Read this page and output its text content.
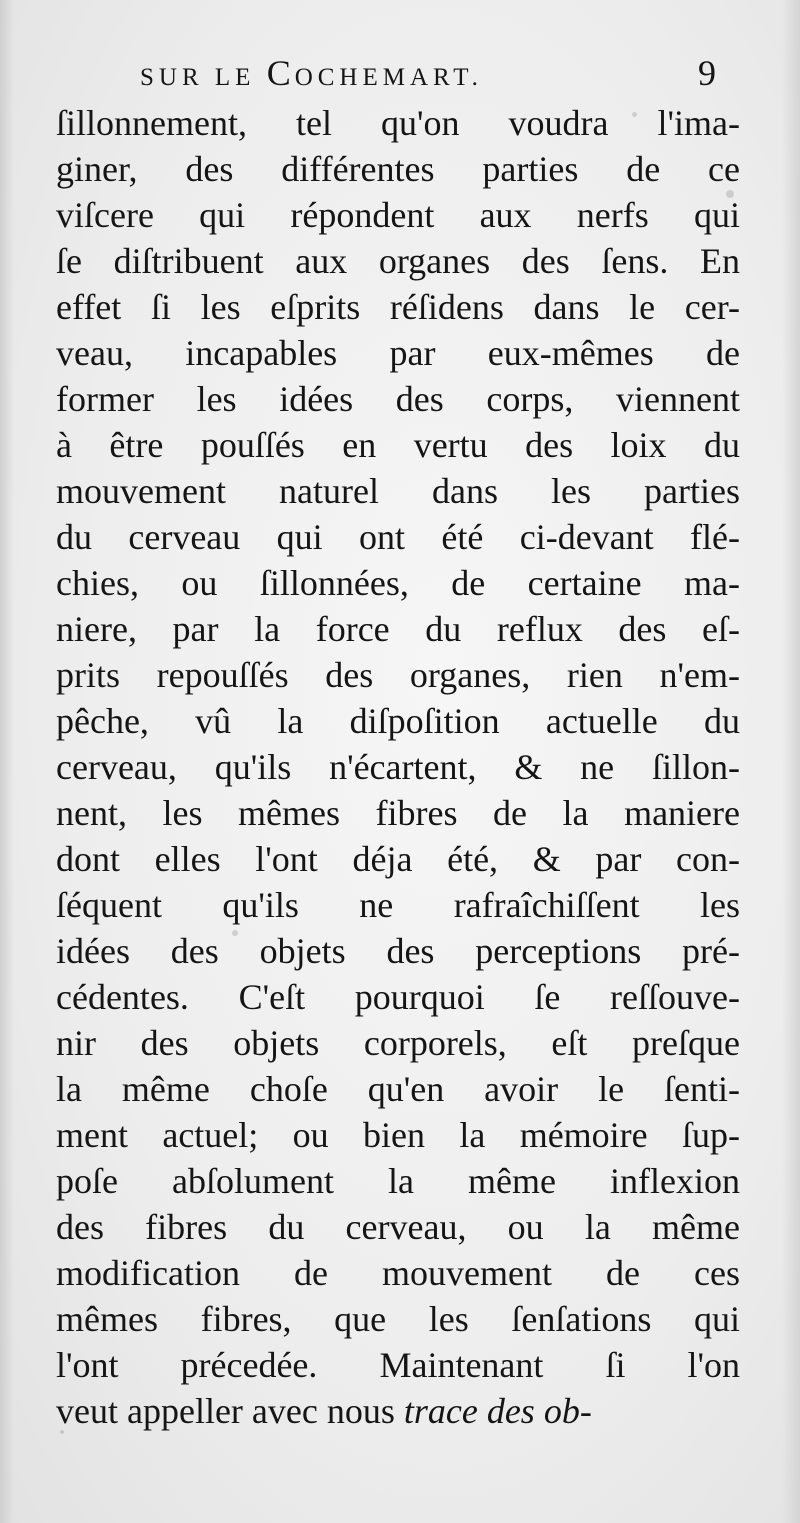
SUR LE COCHEMART.	9
ſillonnement, tel qu'on voudra l'ima-
giner, des différentes parties de ce
viſcere qui répondent aux nerfs qui
ſe diſtribuent aux organes des ſens. En
effet ſi les eſprits réſidens dans le cer-
veau, incapables par eux-mêmes de
former les idées des corps, viennent
à être pouſſés en vertu des loix du
mouvement naturel dans les parties
du cerveau qui ont été ci-devant flé-
chies, ou ſillonnées, de certaine ma-
niere, par la force du reflux des eſ-
prits repouſſés des organes, rien n'em-
pêche, vû la diſpoſition actuelle du
cerveau, qu'ils n'écartent, & ne ſillon-
nent, les mêmes fibres de la maniere
dont elles l'ont déja été, & par con-
ſéquent qu'ils ne rafraîchiſſent les
idées des objets des perceptions pré-
cédentes. C'eſt pourquoi ſe reſſouve-
nir des objets corporels, eſt preſque
la même choſe qu'en avoir le ſenti-
ment actuel; ou bien la mémoire ſup-
poſe abſolument la même inflexion
des fibres du cerveau, ou la même
modification de mouvement de ces
mêmes fibres, que les ſenſations qui
l'ont précedée. Maintenant ſi l'on
veut appeller avec nous trace des ob-
